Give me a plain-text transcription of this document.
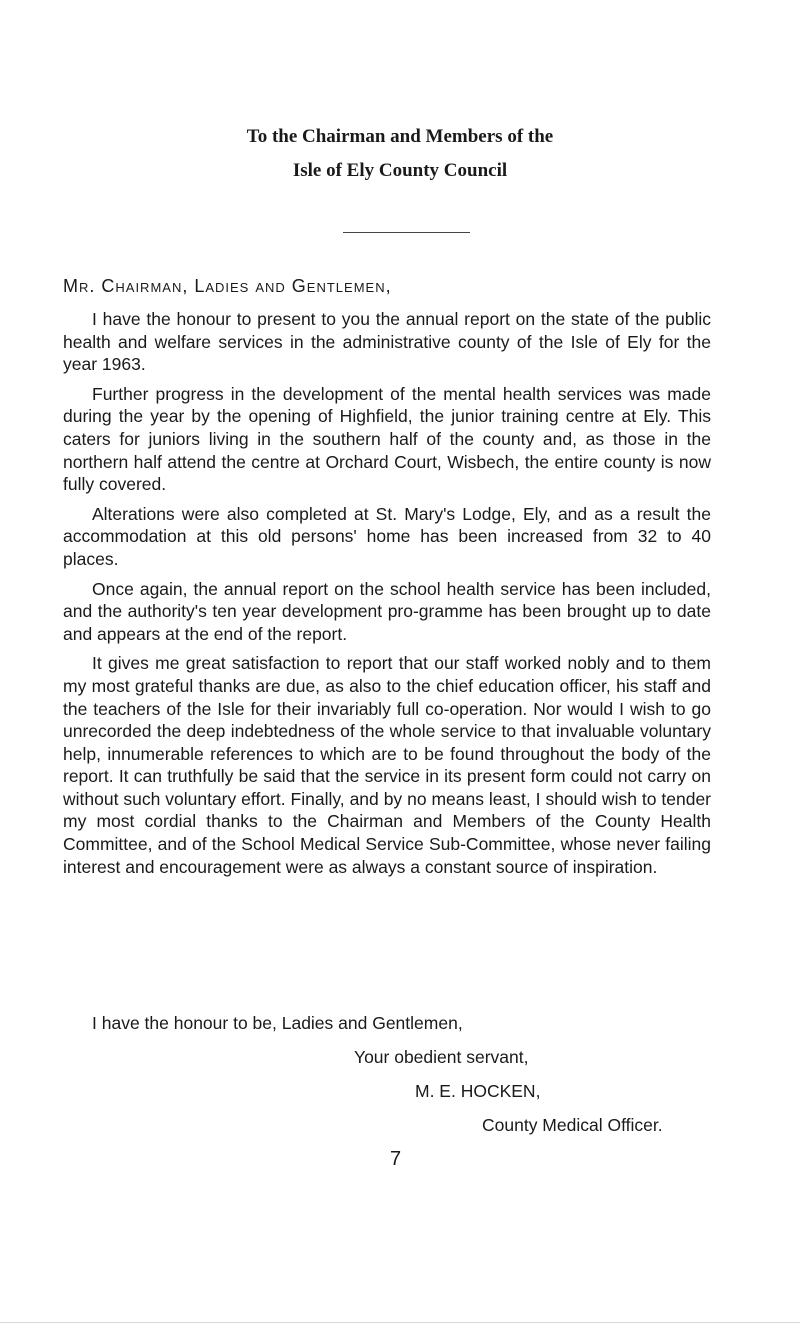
To the Chairman and Members of the
Isle of Ely County Council
Mr. Chairman, Ladies and Gentlemen,

I have the honour to present to you the annual report on the state of the public health and welfare services in the administrative county of the Isle of Ely for the year 1963.

Further progress in the development of the mental health services was made during the year by the opening of Highfield, the junior training centre at Ely. This caters for juniors living in the southern half of the county and, as those in the northern half attend the centre at Orchard Court, Wisbech, the entire county is now fully covered.

Alterations were also completed at St. Mary's Lodge, Ely, and as a result the accommodation at this old persons' home has been increased from 32 to 40 places.

Once again, the annual report on the school health service has been included, and the authority's ten year development pro-gramme has been brought up to date and appears at the end of the report.

It gives me great satisfaction to report that our staff worked nobly and to them my most grateful thanks are due, as also to the chief education officer, his staff and the teachers of the Isle for their invariably full co-operation. Nor would I wish to go unrecorded the deep indebtedness of the whole service to that invaluable voluntary help, innumerable references to which are to be found throughout the body of the report. It can truthfully be said that the service in its present form could not carry on without such voluntary effort. Finally, and by no means least, I should wish to tender my most cordial thanks to the Chairman and Members of the County Health Committee, and of the School Medical Service Sub-Committee, whose never failing interest and encouragement were as always a constant source of inspiration.

I have the honour to be, Ladies and Gentlemen,
Your obedient servant,
M. E. HOCKEN,
County Medical Officer.
7
